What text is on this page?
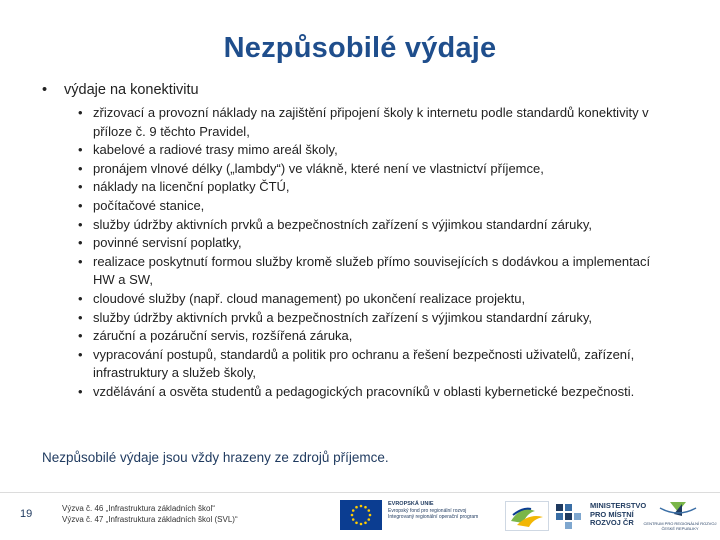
Nezpůsobilé výdaje
• výdaje na konektivitu
• zřizovací a provozní náklady na zajištění připojení školy k internetu podle standardů konektivity v příloze č. 9 těchto Pravidel,
• kabelové a radiové trasy mimo areál školy,
• pronájem vlnové délky („lambdy“) ve vlákně, které není ve vlastnictví příjemce,
• náklady na licenční poplatky ČTÚ,
• počítačové stanice,
• služby údržby aktivních prvků a bezpečnostních zařízení s výjimkou standardní záruky,
• povinné servisní poplatky,
• realizace poskytnutí formou služby kromě služeb přímo souvisejících s dodávkou a implementací HW a SW,
• cloudové služby (např. cloud management) po ukončení realizace projektu,
• služby údržby aktivních prvků a bezpečnostních zařízení s výjimkou standardní záruky,
• záruční a pozáruční servis, rozšířená záruka,
• vypracování postupů, standardů a politik pro ochranu a řešení bezpečnosti uživatelů, zařízení, infrastruktury a služeb školy,
• vzdělávání a osvěta studentů a pedagogických pracovníků v oblasti kybernetické bezpečnosti.
Nezpůsobilé výdaje jsou vždy hrazeny ze zdrojů příjemce.
19	Výzva č. 46 „Infrastruktura základních škol“
Výzva č. 47 „Infrastruktura základních škol (SVL)“
EVROPSKÁ UNIE
Evropský fond pro regionální rozvoj
Integrovaný regionální operační program
MINISTERSTVO
PRO MÍSTNÍ
ROZVOJ ČR	CENTRUM PRO REGIONÁLNÍ ROZVOJ
ČESKÉ REPUBLIKY
